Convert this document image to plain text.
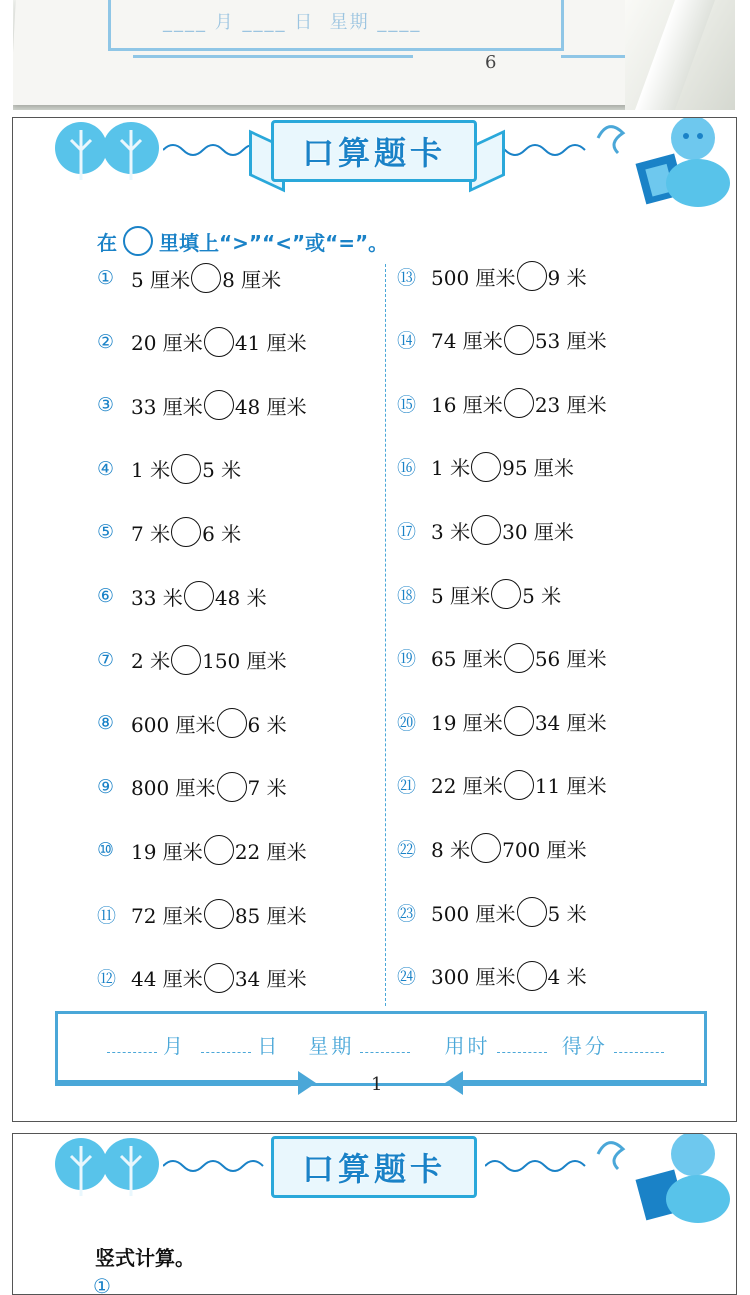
____ 月 ____ 日 星期 ____
6
口算题卡
在 里填上“>”“<”或“=”。
① 5 厘米 8 厘米
② 20 厘米 41 厘米
③ 33 厘米 48 厘米
④ 1 米 5 米
⑤ 7 米 6 米
⑥ 33 米 48 米
⑦ 2 米 150 厘米
⑧ 600 厘米 6 米
⑨ 800 厘米 7 米
⑩ 19 厘米 22 厘米
⑪ 72 厘米 85 厘米
⑫ 44 厘米 34 厘米
⑬ 500 厘米 9 米
⑭ 74 厘米 53 厘米
⑮ 16 厘米 23 厘米
⑯ 1 米 95 厘米
⑰ 3 米 30 厘米
⑱ 5 厘米 5 米
⑲ 65 厘米 56 厘米
⑳ 19 厘米 34 厘米
㉑ 22 厘米 11 厘米
㉒ 8 米 700 厘米
㉓ 500 厘米 5 米
㉔ 300 厘米 4 米
月	日 星期	用时	得分
1
口算题卡
竖式计算。
①
